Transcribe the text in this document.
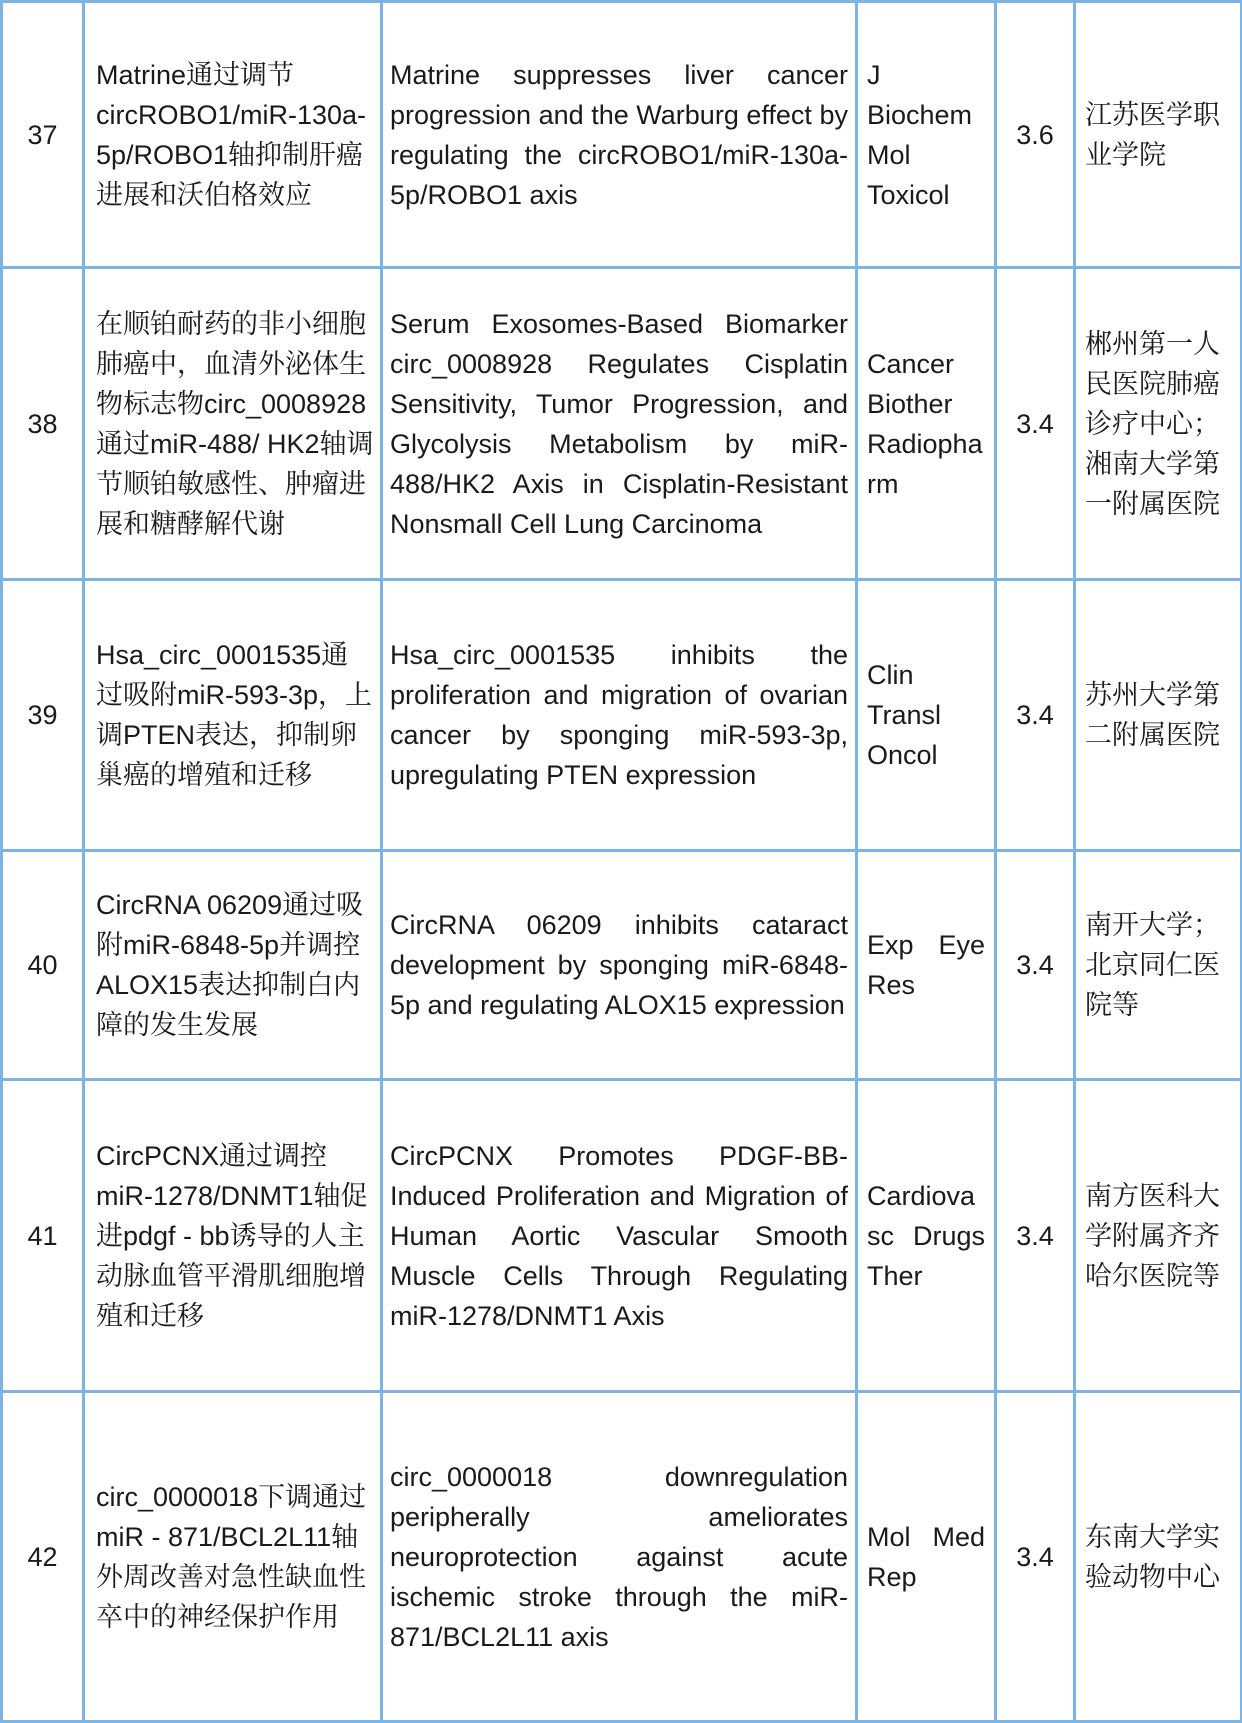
37	Matrine通过调节circROBO1/miR-130a-5p/ROBO1轴抑制肝癌进展和沃伯格效应	Matrine suppresses liver cancer progression and the Warburg effect by regulating the circROBO1/miR-130a-5p/ROBO1 axis	J Biochem Mol Toxicol	3.6	江苏医学职业学院
38	在顺铂耐药的非小细胞肺癌中，血清外泌体生物标志物circ_0008928通过miR-488/ HK2轴调节顺铂敏感性、肿瘤进展和糖酵解代谢	Serum Exosomes-Based Biomarker circ_0008928 Regulates Cisplatin Sensitivity, Tumor Progression, and Glycolysis Metabolism by miR-488/HK2 Axis in Cisplatin-Resistant Nonsmall Cell Lung Carcinoma	Cancer Biother Radiopharm	3.4	郴州第一人民医院肺癌诊疗中心；湘南大学第一附属医院
39	Hsa_circ_0001535通过吸附miR-593-3p，上调PTEN表达，抑制卵巢癌的增殖和迁移	Hsa_circ_0001535 inhibits the proliferation and migration of ovarian cancer by sponging miR-593-3p, upregulating PTEN expression	Clin Transl Oncol	3.4	苏州大学第二附属医院
40	CircRNA 06209通过吸附miR-6848-5p并调控ALOX15表达抑制白内障的发生发展	CircRNA 06209 inhibits cataract development by sponging miR-6848-5p and regulating ALOX15 expression	Exp Eye Res	3.4	南开大学；北京同仁医院等
41	CircPCNX通过调控miR-1278/DNMT1轴促进pdgf - bb诱导的人主动脉血管平滑肌细胞增殖和迁移	CircPCNX Promotes PDGF-BB-Induced Proliferation and Migration of Human Aortic Vascular Smooth Muscle Cells Through Regulating miR-1278/DNMT1 Axis	Cardiovasc Drugs Ther	3.4	南方医科大学附属齐齐哈尔医院等
42	circ_0000018下调通过miR - 871/BCL2L11轴外周改善对急性缺血性卒中的神经保护作用	circ_0000018 downregulation peripherally ameliorates neuroprotection against acute ischemic stroke through the miR-871/BCL2L11 axis	Mol Med Rep	3.4	东南大学实验动物中心
